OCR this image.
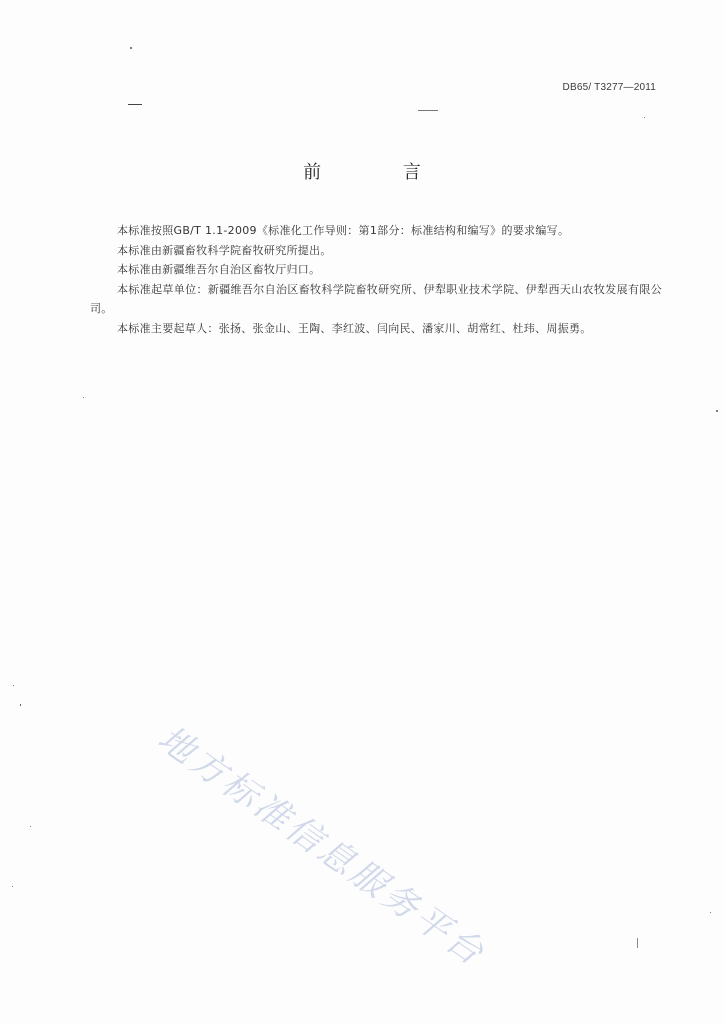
DB65/ T3277—2011
前 言

本标准按照GB/T 1.1-2009《标准化工作导则：第1部分：标准结构和编写》的要求编写。

本标准由新疆畜牧科学院畜牧研究所提出。

本标准由新疆维吾尔自治区畜牧厅归口。

本标准起草单位：新疆维吾尔自治区畜牧科学院畜牧研究所、伊犁职业技术学院、伊犁西天山农牧发展有限公司。

本标准主要起草人：张扬、张金山、王陶、李红波、闫向民、潘家川、胡常红、杜玮、周振勇。

地方标准信息服务平台
